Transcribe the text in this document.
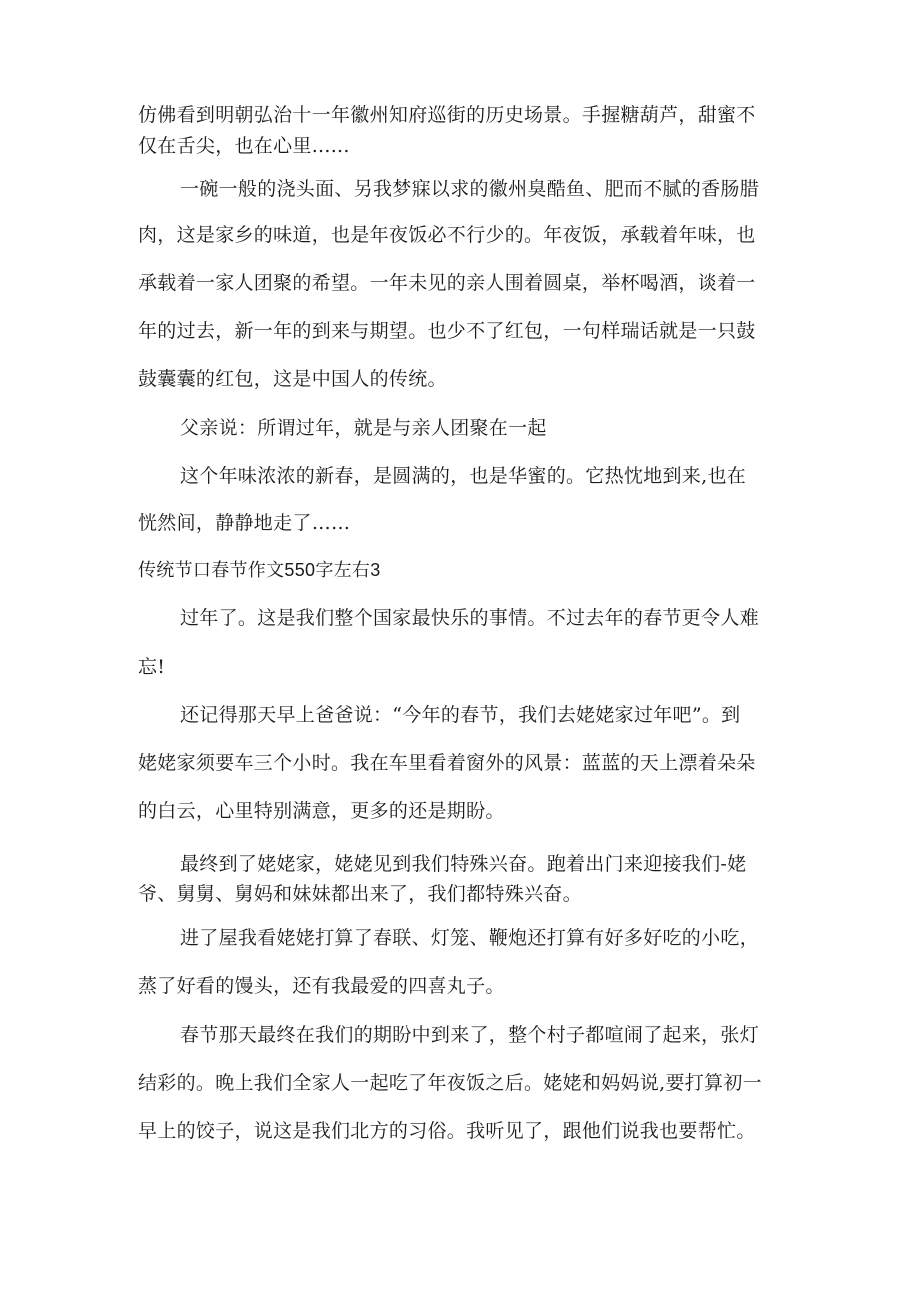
仿佛看到明朝弘治十一年徽州知府巡街的历史场景。手握糖葫芦，甜蜜不
仅在舌尖，也在心里......
一碗一般的浇头面、另我梦寐以求的徽州臭酷鱼、肥而不腻的香肠腊
肉，这是家乡的味道，也是年夜饭必不行少的。年夜饭，承载着年味，也
承载着一家人团聚的希望。一年未见的亲人围着圆桌，举杯喝酒，谈着一
年的过去，新一年的到来与期望。也少不了红包，一句样瑞话就是一只鼓
鼓囊囊的红包，这是中国人的传统。
父亲说：所谓过年，就是与亲人团聚在一起
这个年味浓浓的新春，是圆满的，也是华蜜的。它热忱地到来,也在
恍然间，静静地走了……
传统节口春节作文550字左右3
过年了。这是我们整个国家最快乐的事情。不过去年的春节更令人难
忘!
还记得那天早上爸爸说：“今年的春节，我们去姥姥家过年吧”。到
姥姥家须要车三个小时。我在车里看着窗外的风景：蓝蓝的天上漂着朵朵
的白云，心里特别满意，更多的还是期盼。
最终到了姥姥家，姥姥见到我们特殊兴奋。跑着出门来迎接我们-姥
爷、舅舅、舅妈和妹妹都出来了，我们都特殊兴奋。
进了屋我看姥姥打算了春联、灯笼、鞭炮还打算有好多好吃的小吃，
蒸了好看的馒头，还有我最爱的四喜丸子。
春节那天最终在我们的期盼中到来了，整个村子都喧闹了起来，张灯
结彩的。晚上我们全家人一起吃了年夜饭之后。姥姥和妈妈说,要打算初一
早上的饺子，说这是我们北方的习俗。我听见了，跟他们说我也要帮忙。
